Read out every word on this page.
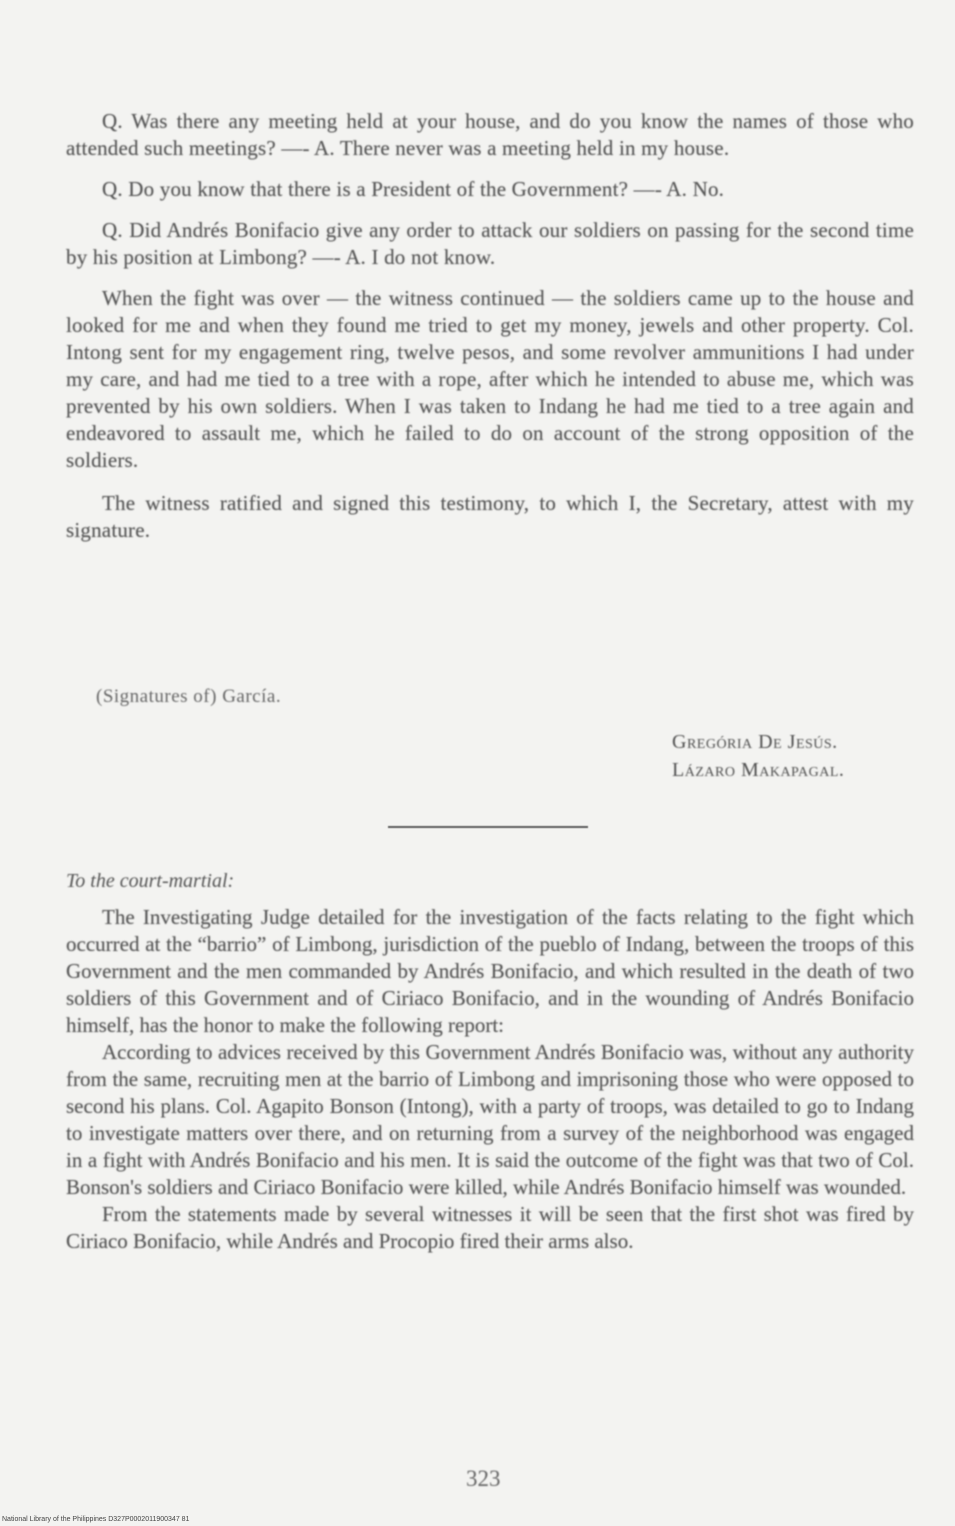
Q. Was there any meeting held at your house, and do you know the names of those who attended such meetings? —- A. There never was a meeting held in my house.

Q. Do you know that there is a President of the Government? —- A. No.

Q. Did Andrés Bonifacio give any order to attack our soldiers on passing for the second time by his position at Limbong? —- A. I do not know.

When the fight was over — the witness continued — the soldiers came up to the house and looked for me and when they found me tried to get my money, jewels and other property. Col. Intong sent for my engagement ring, twelve pesos, and some revolver ammunitions I had under my care, and had me tied to a tree with a rope, after which he intended to abuse me, which was prevented by his own soldiers. When I was taken to Indang he had me tied to a tree again and endeavored to assault me, which he failed to do on account of the strong opposition of the soldiers.

The witness ratified and signed this testimony, to which I, the Secretary, attest with my signature.

(Signatures of) García.
Gregória De Jesús.
Lázaro Makapagal.
To the court-martial:

The Investigating Judge detailed for the investigation of the facts relating to the fight which occurred at the “barrio” of Limbong, jurisdiction of the pueblo of Indang, between the troops of this Government and the men commanded by Andrés Bonifacio, and which resulted in the death of two soldiers of this Government and of Ciriaco Bonifacio, and in the wounding of Andrés Bonifacio himself, has the honor to make the following report:

According to advices received by this Government Andrés Bonifacio was, without any authority from the same, recruiting men at the barrio of Limbong and imprisoning those who were opposed to second his plans. Col. Agapito Bonson (Intong), with a party of troops, was detailed to go to Indang to investigate matters over there, and on returning from a survey of the neighborhood was engaged in a fight with Andrés Bonifacio and his men. It is said the outcome of the fight was that two of Col. Bonson's soldiers and Ciriaco Bonifacio were killed, while Andrés Bonifacio himself was wounded.

From the statements made by several witnesses it will be seen that the first shot was fired by Ciriaco Bonifacio, while Andrés and Procopio fired their arms also.

323
National Library of the Philippines D327P0002011900347 81
